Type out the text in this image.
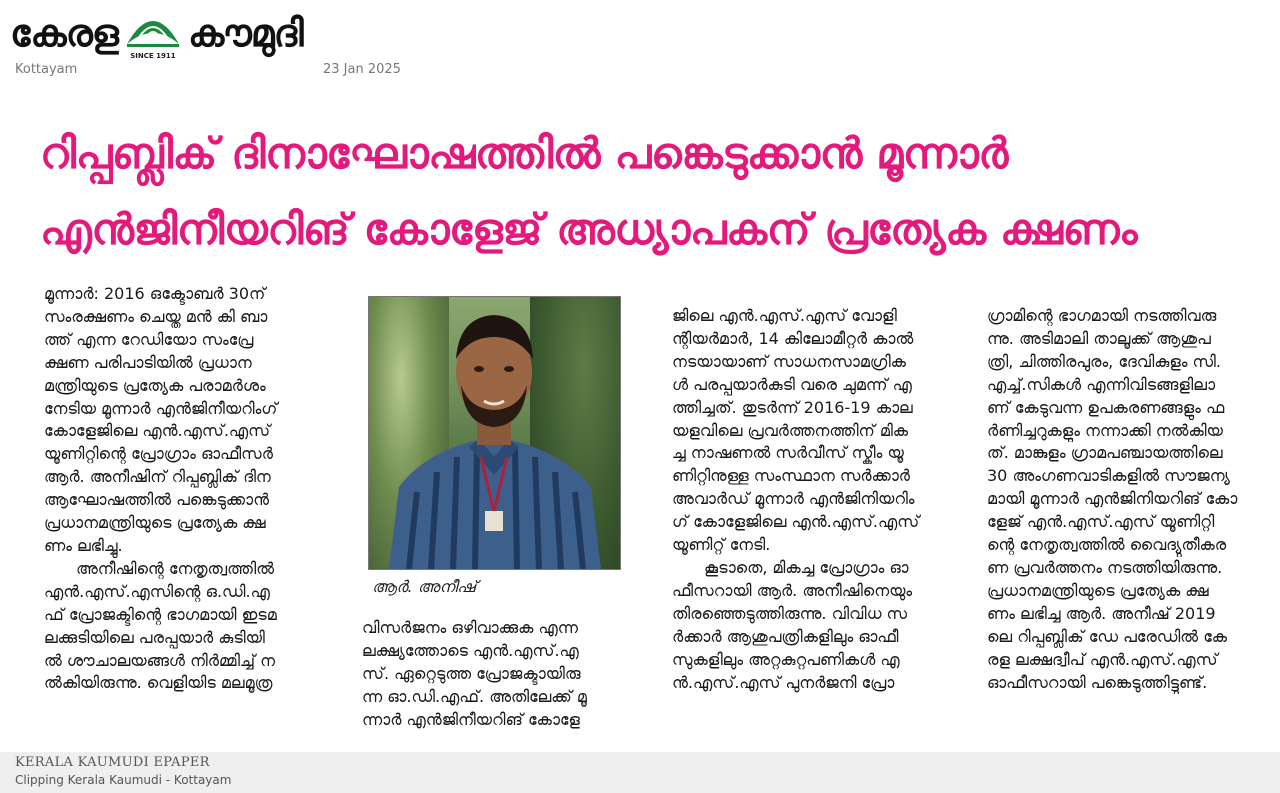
കേരള
SINCE 1911
കൗമുദി
Kottayam	23 Jan 2025
റിപ്പബ്ലിക് ദിനാഘോഷത്തിൽ പങ്കെടുക്കാൻ മൂന്നാർ
എൻജിനീയറിങ് കോളേജ് അധ്യാപകന് പ്രത്യേക ക്ഷണം

മൂന്നാർ: 2016 ഒക്ടോബർ 30ന്
സംരക്ഷണം ചെയ്ത മൻ കി ബാ
ത്ത് എന്ന റേഡിയോ സംപ്രേ
ക്ഷണ പരിപാടിയിൽ പ്രധാന
മന്ത്രിയുടെ പ്രത്യേക പരാമർശം
നേടിയ മൂന്നാർ എൻജിനീയറിംഗ്
കോളേജിലെ എൻ.എസ്.എസ്
യൂണിറ്റിന്റെ പ്രോഗ്രാം ഓഫീസർ
ആർ. അനീഷിന് റിപ്പബ്ലിക് ദിന
ആഘോഷത്തിൽ പങ്കെടുക്കാൻ
പ്രധാനമന്ത്രിയുടെ പ്രത്യേക ക്ഷ
ണം ലഭിച്ചു.
അനീഷിന്റെ നേതൃത്വത്തിൽ
എൻ.എസ്.എസിന്റെ ഒ.ഡി.എ
ഫ് പ്രോജക്ടിന്റെ ഭാഗമായി ഇടമ
ലക്കുടിയിലെ പരപ്പയാർ കുടിയി
ൽ ശൗചാലയങ്ങൾ നിർമ്മിച്ച് ന
ൽകിയിരുന്നു. വെളിയിട മലമൂത്ര

ആർ. അനീഷ്

വിസർജനം ഒഴിവാക്കുക എന്ന
ലക്ഷ്യത്തോടെ എൻ.എസ്.എ
സ്. ഏറ്റെടുത്ത പ്രോജക്ടായിരു
ന്ന ഓ.ഡി.എഫ്. അതിലേക്ക് മൂ
ന്നാർ എൻജിനീയറിങ് കോളേ

ജിലെ എൻ.എസ്.എസ് വോളി
ന്റിയർമാർ, 14 കിലോമീറ്റർ കാൽ
നടയായാണ് സാധനസാമഗ്രിക
ൾ പരപ്പയാർകുടി വരെ ചുമന്ന് എ
ത്തിച്ചത്. തുടർന്ന് 2016-19 കാല
യളവിലെ പ്രവർത്തനത്തിന് മിക
ച്ച നാഷണൽ സർവീസ് സ്കീം യൂ
ണിറ്റിനുള്ള സംസ്ഥാന സർക്കാർ
അവാർഡ് മൂന്നാർ എൻജിനിയറിം
ഗ് കോളേജിലെ എൻ.എസ്.എസ്
യൂണിറ്റ് നേടി.
കൂടാതെ, മികച്ച പ്രോഗ്രാം ഓ
ഫീസറായി ആർ. അനീഷിനെയും
തിരഞ്ഞെടുത്തിരുന്നു. വിവിധ സ
ർക്കാർ ആശുപത്രികളിലും ഓഫീ
സുകളിലും അറ്റകുറ്റപണികൾ എ
ൻ.എസ്.എസ് പുനർജനി പ്രോ

ഗ്രാമിന്റെ ഭാഗമായി നടത്തിവരു
ന്നു. അടിമാലി താലൂക്ക് ആശുപ
ത്രി, ചിത്തിരപുരം, ദേവികുളം സി.
എച്ച്.സികൾ എന്നിവിടങ്ങളിലാ
ണ് കേടുവന്ന ഉപകരണങ്ങളും ഫ
ർണിച്ചറുകളും നന്നാക്കി നൽകിയ
ത്. മാങ്കുളം ഗ്രാമപഞ്ചായത്തിലെ
30 അംഗണവാടികളിൽ സൗജന്യ
മായി മൂന്നാർ എൻജിനിയറിങ് കോ
ളേജ് എൻ.എസ്.എസ് യൂണിറ്റി
ന്റെ നേതൃത്വത്തിൽ വൈദ്യുതീകര
ണ പ്രവർത്തനം നടത്തിയിരുന്നു.
പ്രധാനമന്ത്രിയുടെ പ്രത്യേക ക്ഷ
ണം ലഭിച്ച ആർ. അനീഷ് 2019
ലെ റിപ്പബ്ലിക് ഡേ പരേഡിൽ കേ
രള ലക്ഷദ്വീപ് എൻ.എസ്.എസ്
ഓഫീസറായി പങ്കെടുത്തിട്ടുണ്ട്.

KERALA KAUMUDI EPAPER
Clipping Kerala Kaumudi - Kottayam
